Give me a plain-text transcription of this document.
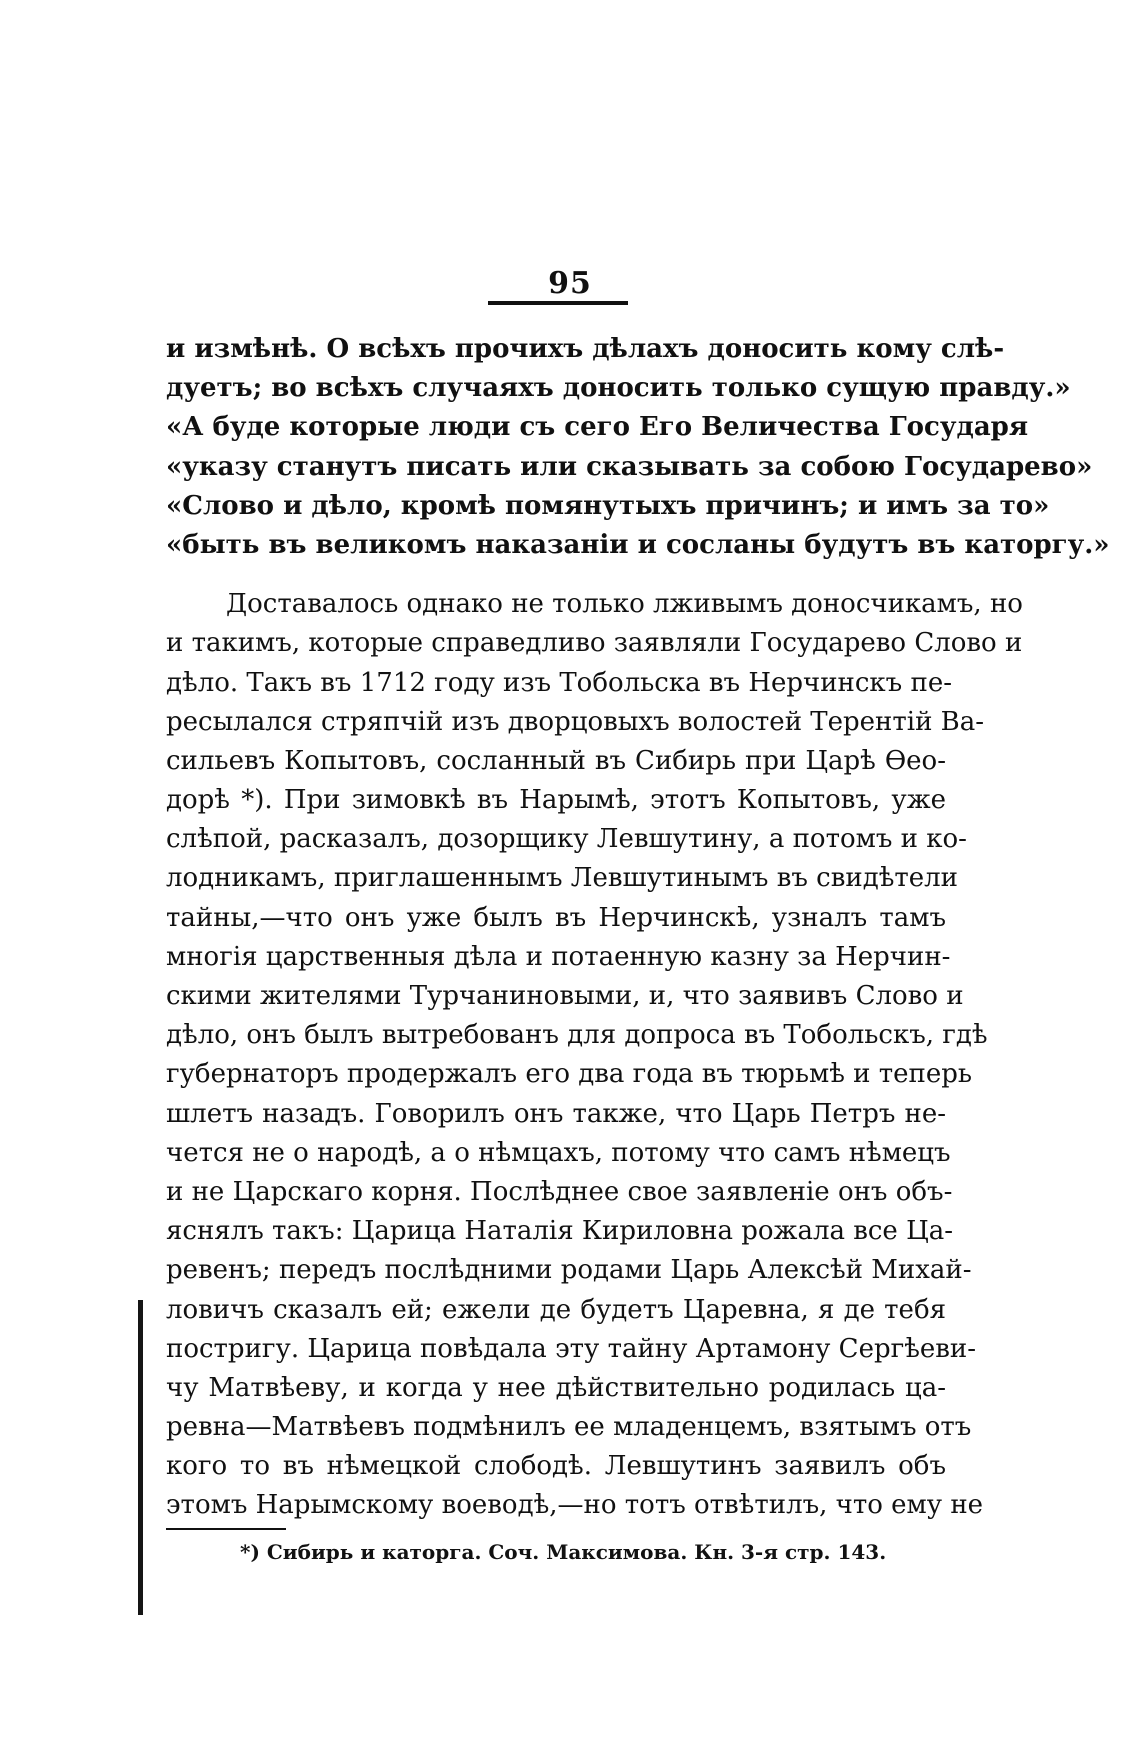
95
и измѣнѣ. О всѣхъ прочихъ дѣлахъ доносить кому слѣ-
дуетъ; во всѣхъ случаяхъ доносить только сущую правду.»
«А буде которые люди съ сего Его Величества Государя
«указу станутъ писать или сказывать за собою Государево»
«Слово и дѣло, кромѣ помянутыхъ причинъ; и имъ за то»
«быть въ великомъ наказаніи и сосланы будутъ въ каторгу.»
Доставалось однако не только лживымъ доносчикамъ, но
и такимъ, которые справедливо заявляли Государево Слово и
дѣло. Такъ въ 1712 году изъ Тобольска въ Нерчинскъ пе-
ресылался стряпчій изъ дворцовыхъ волостей Терентій Ва-
сильевъ Копытовъ, сосланный въ Сибирь при Царѣ Ѳео-
дорѣ *). При зимовкѣ въ Нарымѣ, этотъ Копытовъ, уже
слѣпой, расказалъ, дозорщику Левшутину, а потомъ и ко-
лодникамъ, приглашеннымъ Левшутинымъ въ свидѣтели
тайны,—что онъ уже былъ въ Нерчинскѣ, узналъ тамъ
многія царственныя дѣла и потаенную казну за Нерчин-
скими жителями Турчаниновыми, и, что заявивъ Слово и
дѣло, онъ былъ вытребованъ для допроса въ Тобольскъ, гдѣ
губернаторъ продержалъ его два года въ тюрьмѣ и теперь
шлетъ назадъ. Говорилъ онъ также, что Царь Петръ не-
чется не о народѣ, а о нѣмцахъ, потому что самъ нѣмецъ
и не Царскаго корня. Послѣднее свое заявленіе онъ объ-
яснялъ такъ: Царица Наталія Кириловна рожала все Ца-
ревенъ; передъ послѣдними родами Царь Алексѣй Михай-
ловичъ сказалъ ей; ежели де будетъ Царевна, я де тебя
постригу. Царица повѣдала эту тайну Артамону Сергѣеви-
чу Матвѣеву, и когда у нее дѣйствительно родилась ца-
ревна—Матвѣевъ подмѣнилъ ее младенцемъ, взятымъ отъ
кого то въ нѣмецкой слободѣ. Левшутинъ заявилъ объ
этомъ Нарымскому воеводѣ,—но тотъ отвѣтилъ, что ему не
*) Сибирь и каторга. Соч. Максимова. Кн. 3-я стр. 143.
